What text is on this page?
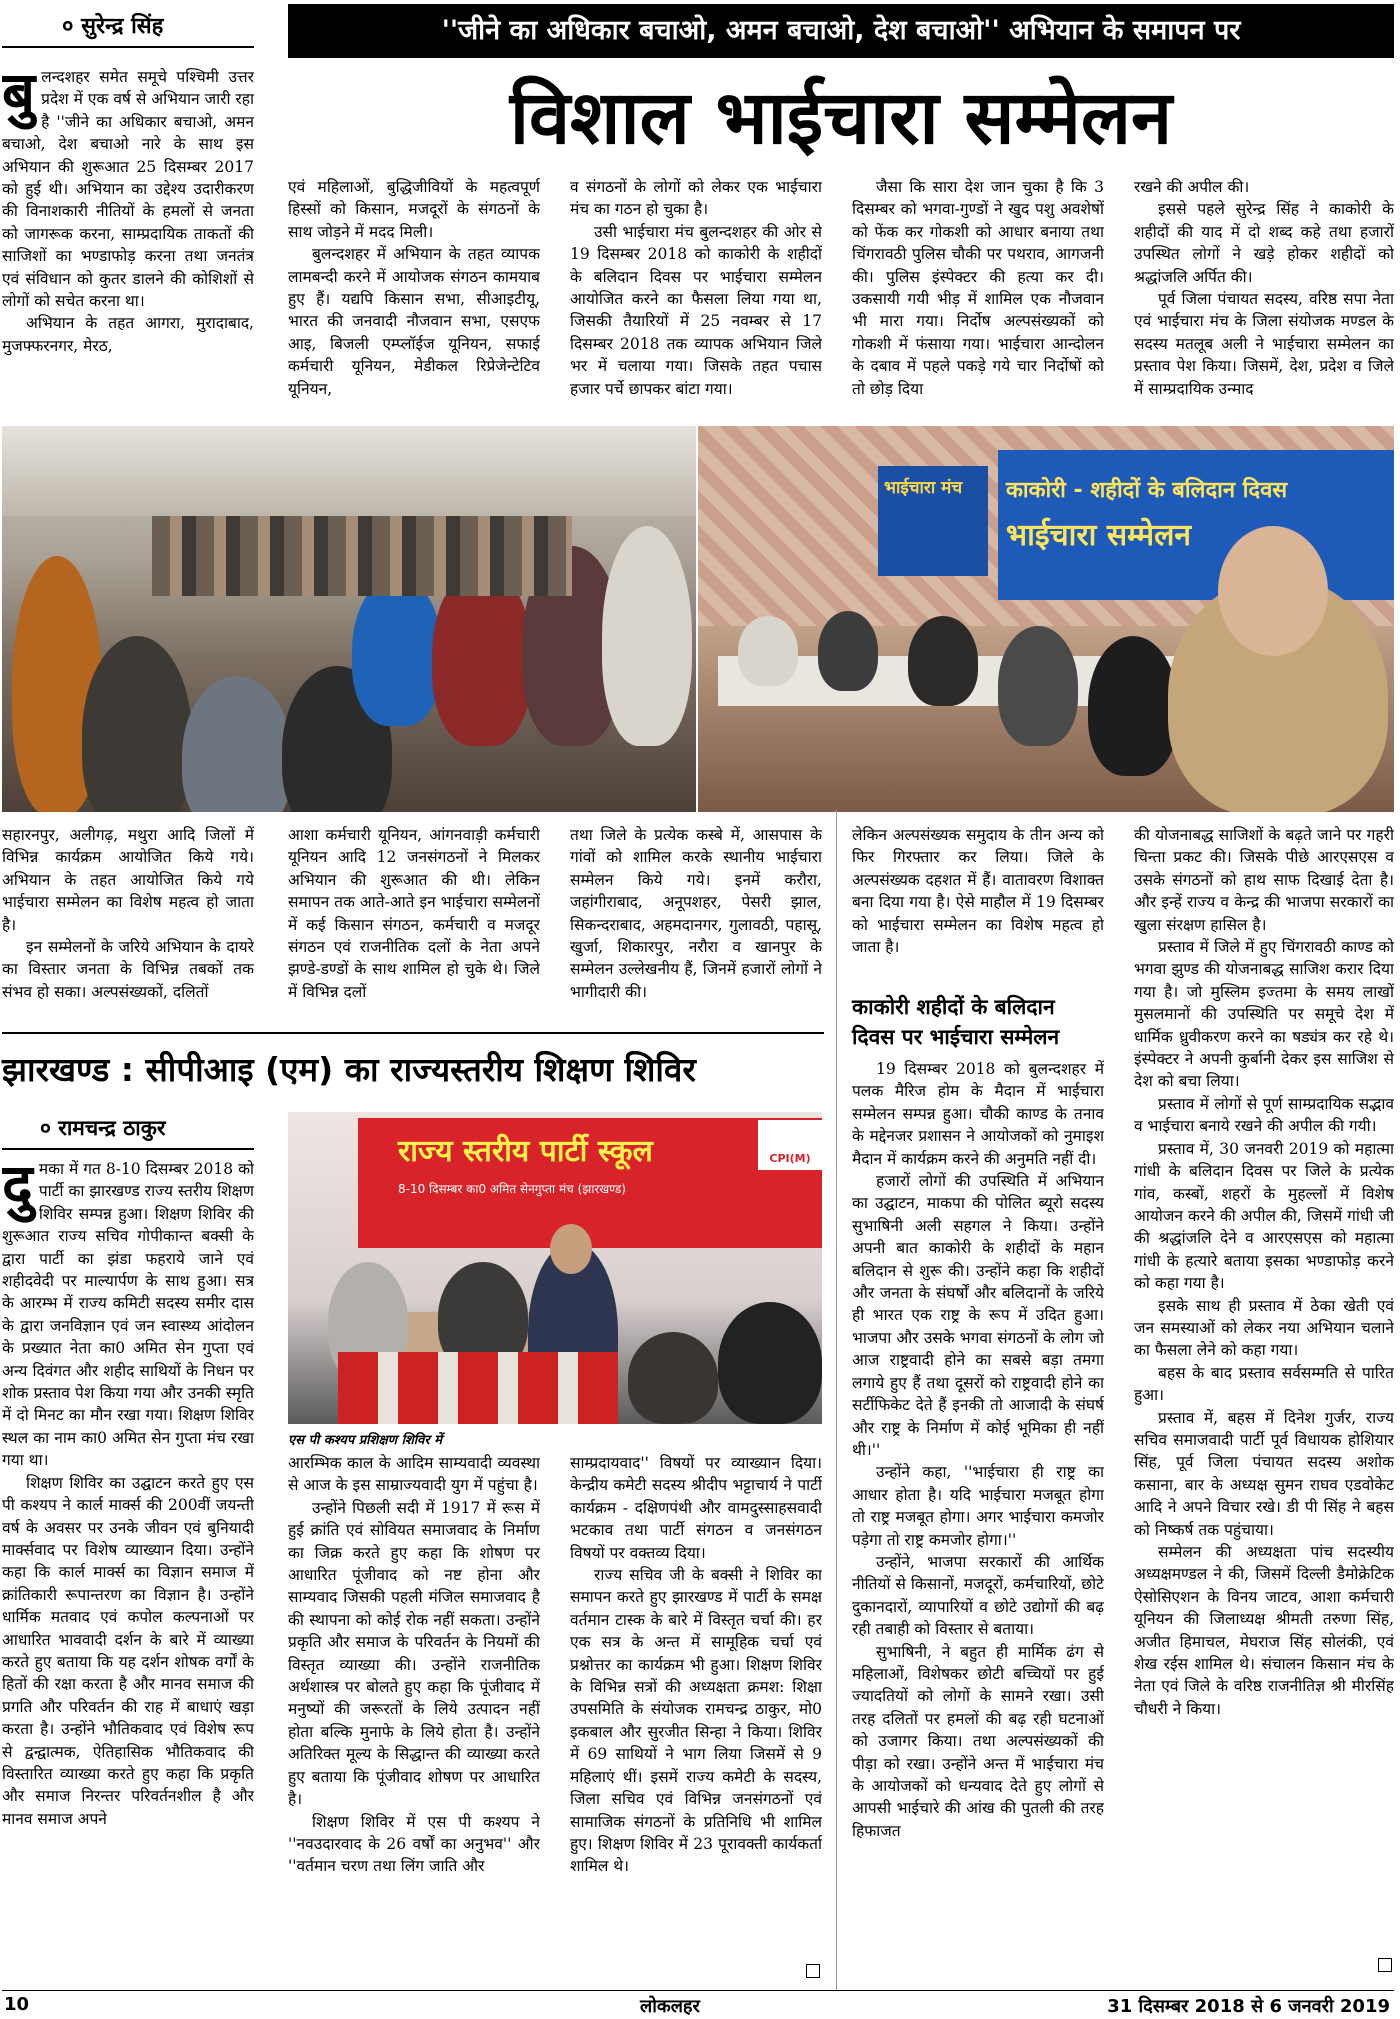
० सुरेन्द्र सिंह	''जीने का अधिकार बचाओ, अमन बचाओ, देश बचाओ'' अभियान के समापन पर
विशाल भाईचारा सम्मेलन

बुलन्दशहर समेत समूचे पश्चिमी उत्तर प्रदेश में एक वर्ष से अभियान जारी रहा है ''जीने का अधिकार बचाओ, अमन बचाओ, देश बचाओ नारे के साथ इस अभियान की शुरूआत 25 दिसम्बर 2017 को हुई थी। अभियान का उद्देश्य उदारीकरण की विनाशकारी नीतियों के हमलों से जनता को जागरूक करना, साम्प्रदायिक ताकतों की साजिशों का भण्डाफोड़ करना तथा जनतंत्र एवं संविधान को कुतर डालने की कोशिशों से लोगों को सचेत करना था।

अभियान के तहत आगरा, मुरादाबाद, मुजफ्फरनगर, मेरठ,

एवं महिलाओं, बुद्धिजीवियों के महत्वपूर्ण हिस्सों को किसान, मजदूरों के संगठनों के साथ जोड़ने में मदद मिली।

बुलन्दशहर में अभियान के तहत व्यापक लामबन्दी करने में आयोजक संगठन कामयाब हुए हैं। यद्यपि किसान सभा, सीआइटीयू, भारत की जनवादी नौजवान सभा, एसएफ आइ, बिजली एम्प्लॉईज यूनियन, सफाई कर्मचारी यूनियन, मेडीकल रिप्रेजेन्टेटिव यूनियन,

व संगठनों के लोगों को लेकर एक भाईचारा मंच का गठन हो चुका है।

उसी भाईचारा मंच बुलन्दशहर की ओर से 19 दिसम्बर 2018 को काकोरी के शहीदों के बलिदान दिवस पर भाईचारा सम्मेलन आयोजित करने का फैसला लिया गया था, जिसकी तैयारियों में 25 नवम्बर से 17 दिसम्बर 2018 तक व्यापक अभियान जिले भर में चलाया गया। जिसके तहत पचास हजार पर्चे छापकर बांटा गया।

जैसा कि सारा देश जान चुका है कि 3 दिसम्बर को भगवा-गुण्डों ने खुद पशु अवशेषों को फेंक कर गोकशी को आधार बनाया तथा चिंगरावठी पुलिस चौकी पर पथराव, आगजनी की। पुलिस इंस्पेक्टर की हत्या कर दी। उकसायी गयी भीड़ में शामिल एक नौजवान भी मारा गया। निर्दोष अल्पसंख्यकों को गोकशी में फंसाया गया। भाईचारा आन्दोलन के दबाव में पहले पकड़े गये चार निर्दोषों को तो छोड़ दिया

रखने की अपील की।

इससे पहले सुरेन्द्र सिंह ने काकोरी के शहीदों की याद में दो शब्द कहे तथा हजारों उपस्थित लोगों ने खड़े होकर शहीदों को श्रद्धांजलि अर्पित की।

पूर्व जिला पंचायत सदस्य, वरिष्ठ सपा नेता एवं भाईचारा मंच के जिला संयोजक मण्डल के सदस्य मतलूब अली ने भाईचारा सम्मेलन का प्रस्ताव पेश किया। जिसमें, देश, प्रदेश व जिले में साम्प्रदायिक उन्माद

भाईचारा मंच	काकोरी - शहीदों के बलिदान दिवस
भाईचारा सम्मेलन

सहारनपुर, अलीगढ़, मथुरा आदि जिलों में विभिन्न कार्यक्रम आयोजित किये गये। अभियान के तहत आयोजित किये गये भाईचारा सम्मेलन का विशेष महत्व हो जाता है।

इन सम्मेलनों के जरिये अभियान के दायरे का विस्तार जनता के विभिन्न तबकों तक संभव हो सका। अल्पसंख्यकों, दलितों

आशा कर्मचारी यूनियन, आंगनवाड़ी कर्मचारी यूनियन आदि 12 जनसंगठनों ने मिलकर अभियान की शुरूआत की थी। लेकिन समापन तक आते-आते इन भाईचारा सम्मेलनों में कई किसान संगठन, कर्मचारी व मजदूर संगठन एवं राजनीतिक दलों के नेता अपने झण्डे-डण्डों के साथ शामिल हो चुके थे। जिले में विभिन्न दलों

तथा जिले के प्रत्येक कस्बे में, आसपास के गांवों को शामिल करके स्थानीय भाईचारा सम्मेलन किये गये। इनमें करौरा, जहांगीराबाद, अनूपशहर, पेसरी झाल, सिकन्दराबाद, अहमदानगर, गुलावठी, पहासू, खुर्जा, शिकारपुर, नरौरा व खानपुर के सम्मेलन उल्लेखनीय हैं, जिनमें हजारों लोगों ने भागीदारी की।

लेकिन अल्पसंख्यक समुदाय के तीन अन्य को फिर गिरफ्तार कर लिया। जिले के अल्पसंख्यक दहशत में हैं। वातावरण विशाक्त बना दिया गया है। ऐसे माहौल में 19 दिसम्बर को भाईचारा सम्मेलन का विशेष महत्व हो जाता है।

काकोरी शहीदों के बलिदान दिवस पर भाईचारा सम्मेलन

19 दिसम्बर 2018 को बुलन्दशहर में पलक मैरिज होम के मैदान में भाईचारा सम्मेलन सम्पन्न हुआ। चौकी काण्ड के तनाव के मद्देनजर प्रशासन ने आयोजकों को नुमाइश मैदान में कार्यक्रम करने की अनुमति नहीं दी।

हजारों लोगों की उपस्थिति में अभियान का उद्घाटन, माकपा की पोलित ब्यूरो सदस्य सुभाषिनी अली सहगल ने किया। उन्होंने अपनी बात काकोरी के शहीदों के महान बलिदान से शुरू की। उन्होंने कहा कि शहीदों और जनता के संघर्षों और बलिदानों के जरिये ही भारत एक राष्ट्र के रूप में उदित हुआ। भाजपा और उसके भगवा संगठनों के लोग जो आज राष्ट्रवादी होने का सबसे बड़ा तमगा लगाये हुए हैं तथा दूसरों को राष्ट्रवादी होने का सर्टीफिकेट देते हैं इनकी तो आजादी के संघर्ष और राष्ट्र के निर्माण में कोई भूमिका ही नहीं थी।''

उन्होंने कहा, ''भाईचारा ही राष्ट्र का आधार होता है। यदि भाईचारा मजबूत होगा तो राष्ट्र मजबूत होगा। अगर भाईचारा कमजोर पड़ेगा तो राष्ट्र कमजोर होगा।''

उन्होंने, भाजपा सरकारों की आर्थिक नीतियों से किसानों, मजदूरों, कर्मचारियों, छोटे दुकानदारों, व्यापारियों व छोटे उद्योगों की बढ़ रही तबाही को विस्तार से बताया।

सुभाषिनी, ने बहुत ही मार्मिक ढंग से महिलाओं, विशेषकर छोटी बच्चियों पर हुई ज्यादतियों को लोगों के सामने रखा। उसी तरह दलितों पर हमलों की बढ़ रही घटनाओं को उजागर किया। तथा अल्पसंख्यकों की पीड़ा को रखा। उन्होंने अन्त में भाईचारा मंच के आयोजकों को धन्यवाद देते हुए लोगों से आपसी भाईचारे की आंख की पुतली की तरह हिफाजत

की योजनाबद्ध साजिशों के बढ़ते जाने पर गहरी चिन्ता प्रकट की। जिसके पीछे आरएसएस व उसके संगठनों को हाथ साफ दिखाई देता है। और इन्हें राज्य व केन्द्र की भाजपा सरकारों का खुला संरक्षण हासिल है।

प्रस्ताव में जिले में हुए चिंगरावठी काण्ड को भगवा झुण्ड की योजनाबद्ध साजिश करार दिया गया है। जो मुस्लिम इज्तमा के समय लाखों मुसलमानों की उपस्थिति पर समूचे देश में धार्मिक ध्रुवीकरण करने का षड्यंत्र कर रहे थे। इंस्पेक्टर ने अपनी कुर्बानी देकर इस साजिश से देश को बचा लिया।

प्रस्ताव में लोगों से पूर्ण साम्प्रदायिक सद्भाव व भाईचारा बनाये रखने की अपील की गयी।

प्रस्ताव में, 30 जनवरी 2019 को महात्मा गांधी के बलिदान दिवस पर जिले के प्रत्येक गांव, कस्बों, शहरों के मुहल्लों में विशेष आयोजन करने की अपील की, जिसमें गांधी जी की श्रद्धांजलि देने व आरएसएस को महात्मा गांधी के हत्यारे बताया इसका भण्डाफोड़ करने को कहा गया है।

इसके साथ ही प्रस्ताव में ठेका खेती एवं जन समस्याओं को लेकर नया अभियान चलाने का फैसला लेने को कहा गया।

बहस के बाद प्रस्ताव सर्वसम्मति से पारित हुआ।

प्रस्ताव में, बहस में दिनेश गुर्जर, राज्य सचिव समाजवादी पार्टी पूर्व विधायक होशियार सिंह, पूर्व जिला पंचायत सदस्य अशोक कसाना, बार के अध्यक्ष सुमन राघव एडवोकेट आदि ने अपने विचार रखे। डी पी सिंह ने बहस को निष्कर्ष तक पहुंचाया।

सम्मेलन की अध्यक्षता पांच सदस्यीय अध्यक्षमण्डल ने की, जिसमें दिल्ली डैमोक्रेटिक ऐसोसिएशन के विनय जाटव, आशा कर्मचारी यूनियन की जिलाध्यक्ष श्रीमती तरुणा सिंह, अजीत हिमाचल, मेघराज सिंह सोलंकी, एवं शेख रईस शामिल थे। संचालन किसान मंच के नेता एवं जिले के वरिष्ठ राजनीतिज्ञ श्री मीरसिंह चौधरी ने किया।

झारखण्ड : सीपीआइ (एम) का राज्यस्तरीय शिक्षण शिविर
० रामचन्द्र ठाकुर

दुमका में गत 8-10 दिसम्बर 2018 को पार्टी का झारखण्ड राज्य स्तरीय शिक्षण शिविर सम्पन्न हुआ। शिक्षण शिविर की शुरूआत राज्य सचिव गोपीकान्त बक्सी के द्वारा पार्टी का झंडा फहराये जाने एवं शहीदवेदी पर माल्यार्पण के साथ हुआ। सत्र के आरम्भ में राज्य कमिटी सदस्य समीर दास के द्वारा जनविज्ञान एवं जन स्वास्थ्य आंदोलन के प्रख्यात नेता का0 अमित सेन गुप्ता एवं अन्य दिवंगत और शहीद साथियों के निधन पर शोक प्रस्ताव पेश किया गया और उनकी स्मृति में दो मिनट का मौन रखा गया। शिक्षण शिविर स्थल का नाम का0 अमित सेन गुप्ता मंच रखा गया था।

शिक्षण शिविर का उद्घाटन करते हुए एस पी कश्यप ने कार्ल मार्क्स की 200वीं जयन्ती वर्ष के अवसर पर उनके जीवन एवं बुनियादी मार्क्सवाद पर विशेष व्याख्यान दिया। उन्होंने कहा कि कार्ल मार्क्स का विज्ञान समाज में क्रांतिकारी रूपान्तरण का विज्ञान है। उन्होंने धार्मिक मतवाद एवं कपोल कल्पनाओं पर आधारित भाववादी दर्शन के बारे में व्याख्या करते हुए बताया कि यह दर्शन शोषक वर्गों के हितों की रक्षा करता है और मानव समाज की प्रगति और परिवर्तन की राह में बाधाएं खड़ा करता है। उन्होंने भौतिकवाद एवं विशेष रूप से द्वन्द्वात्मक, ऐतिहासिक भौतिकवाद की विस्तारित व्याख्या करते हुए कहा कि प्रकृति और समाज निरन्तर परिवर्तनशील है और मानव समाज अपने

राज्य स्तरीय पार्टी स्कूल
8-10 दिसम्बर का0 अमित सेनगुप्ता मंच (झारखण्ड)
CPI(M)
एस पी कश्यप प्रशिक्षण शिविर में

आरम्भिक काल के आदिम साम्यवादी व्यवस्था से आज के इस साम्राज्यवादी युग में पहुंचा है।

उन्होंने पिछली सदी में 1917 में रूस में हुई क्रांति एवं सोवियत समाजवाद के निर्माण का जिक्र करते हुए कहा कि शोषण पर आधारित पूंजीवाद को नष्ट होना और साम्यवाद जिसकी पहली मंजिल समाजवाद है की स्थापना को कोई रोक नहीं सकता। उन्होंने प्रकृति और समाज के परिवर्तन के नियमों की विस्तृत व्याख्या की। उन्होंने राजनीतिक अर्थशास्त्र पर बोलते हुए कहा कि पूंजीवाद में मनुष्यों की जरूरतों के लिये उत्पादन नहीं होता बल्कि मुनाफे के लिये होता है। उन्होंने अतिरिक्त मूल्य के सिद्धान्त की व्याख्या करते हुए बताया कि पूंजीवाद शोषण पर आधारित है।

शिक्षण शिविर में एस पी कश्यप ने ''नवउदारवाद के 26 वर्षों का अनुभव'' और ''वर्तमान चरण तथा लिंग जाति और

साम्प्रदायवाद'' विषयों पर व्याख्यान दिया। केन्द्रीय कमेटी सदस्य श्रीदीप भट्टाचार्य ने पार्टी कार्यक्रम - दक्षिणपंथी और वामदुस्साहसवादी भटकाव तथा पार्टी संगठन व जनसंगठन विषयों पर वक्तव्य दिया।

राज्य सचिव जी के बक्सी ने शिविर का समापन करते हुए झारखण्ड में पार्टी के समक्ष वर्तमान टास्क के बारे में विस्तृत चर्चा की। हर एक सत्र के अन्त में सामूहिक चर्चा एवं प्रश्नोत्तर का कार्यक्रम भी हुआ। शिक्षण शिविर के विभिन्न सत्रों की अध्यक्षता क्रमश: शिक्षा उपसमिति के संयोजक रामचन्द्र ठाकुर, मो0 इकबाल और सुरजीत सिन्हा ने किया। शिविर में 69 साथियों ने भाग लिया जिसमें से 9 महिलाएं थीं। इसमें राज्य कमेटी के सदस्य, जिला सचिव एवं विभिन्न जनसंगठनों एवं सामाजिक संगठनों के प्रतिनिधि भी शामिल हुए। शिक्षण शिविर में 23 पूरावक्ती कार्यकर्ता शामिल थे।

10	लोकलहर	31 दिसम्बर 2018 से 6 जनवरी 2019
